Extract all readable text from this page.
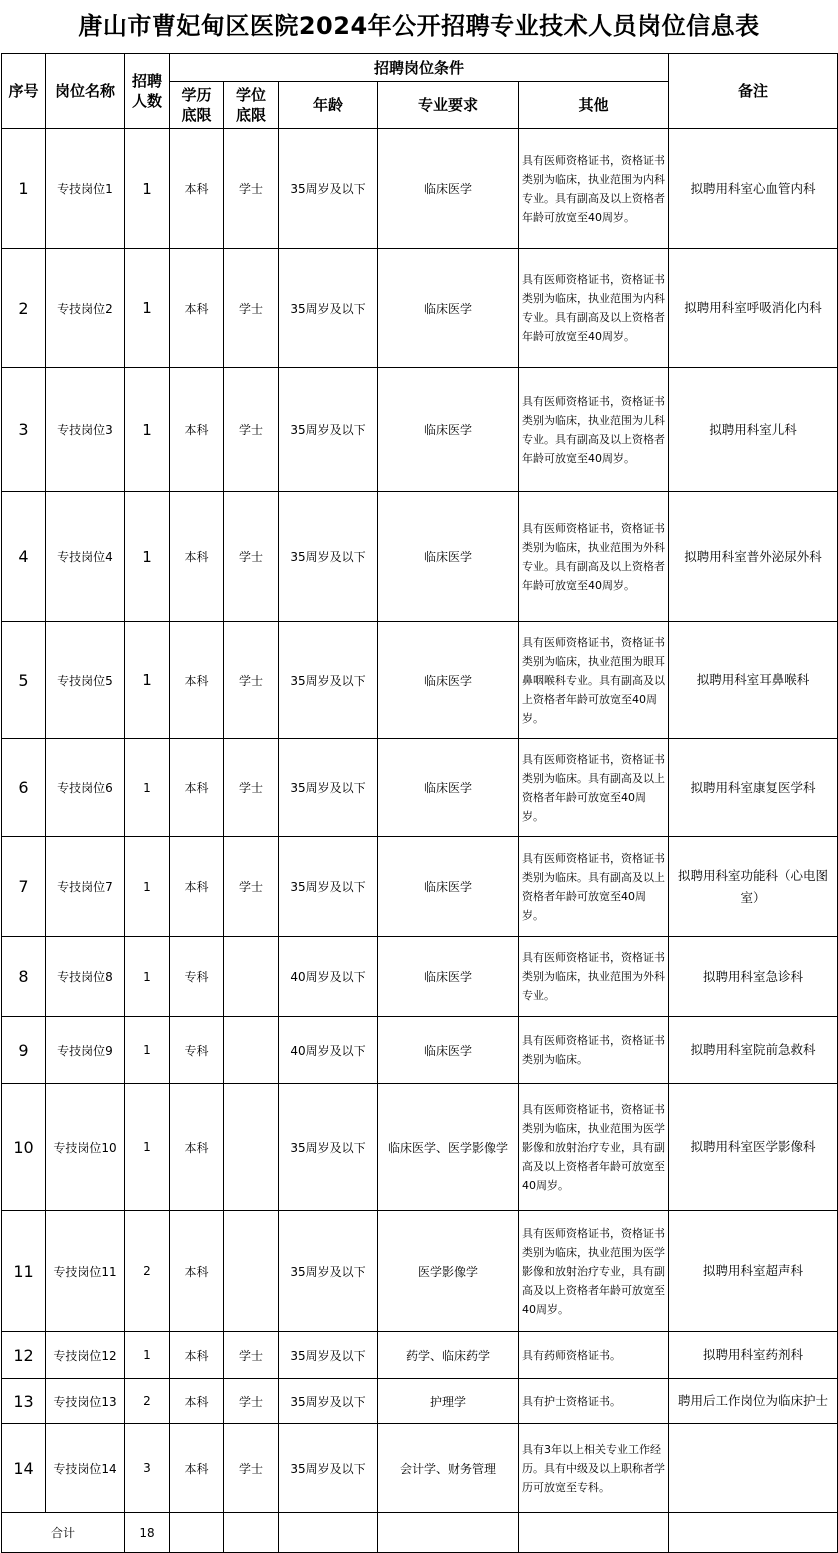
唐山市曹妃甸区医院2024年公开招聘专业技术人员岗位信息表
序号	岗位名称	招聘人数	招聘岗位条件					备注
			学历底限	学位底限	年龄	专业要求	其他	
1	专技岗位1	1	本科	学士	35周岁及以下	临床医学	具有医师资格证书，资格证书类别为临床，执业范围为内科专业。具有副高及以上资格者年龄可放宽至40周岁。	拟聘用科室心血管内科
2	专技岗位2	1	本科	学士	35周岁及以下	临床医学	具有医师资格证书，资格证书类别为临床，执业范围为内科专业。具有副高及以上资格者年龄可放宽至40周岁。	拟聘用科室呼吸消化内科
3	专技岗位3	1	本科	学士	35周岁及以下	临床医学	具有医师资格证书，资格证书类别为临床，执业范围为儿科专业。具有副高及以上资格者年龄可放宽至40周岁。	拟聘用科室儿科
4	专技岗位4	1	本科	学士	35周岁及以下	临床医学	具有医师资格证书，资格证书类别为临床，执业范围为外科专业。具有副高及以上资格者年龄可放宽至40周岁。	拟聘用科室普外泌尿外科
5	专技岗位5	1	本科	学士	35周岁及以下	临床医学	具有医师资格证书，资格证书类别为临床，执业范围为眼耳鼻咽喉科专业。具有副高及以上资格者年龄可放宽至40周岁。	拟聘用科室耳鼻喉科
6	专技岗位6	1	本科	学士	35周岁及以下	临床医学	具有医师资格证书，资格证书类别为临床。具有副高及以上资格者年龄可放宽至40周岁。	拟聘用科室康复医学科
7	专技岗位7	1	本科	学士	35周岁及以下	临床医学	具有医师资格证书，资格证书类别为临床。具有副高及以上资格者年龄可放宽至40周岁。	拟聘用科室功能科（心电图室）
8	专技岗位8	1	专科		40周岁及以下	临床医学	具有医师资格证书，资格证书类别为临床，执业范围为外科专业。	拟聘用科室急诊科
9	专技岗位9	1	专科		40周岁及以下	临床医学	具有医师资格证书，资格证书类别为临床。	拟聘用科室院前急救科
10	专技岗位10	1	本科		35周岁及以下	临床医学、医学影像学	具有医师资格证书，资格证书类别为临床，执业范围为医学影像和放射治疗专业，具有副高及以上资格者年龄可放宽至40周岁。	拟聘用科室医学影像科
11	专技岗位11	2	本科		35周岁及以下	医学影像学	具有医师资格证书，资格证书类别为临床，执业范围为医学影像和放射治疗专业，具有副高及以上资格者年龄可放宽至40周岁。	拟聘用科室超声科
12	专技岗位12	1	本科	学士	35周岁及以下	药学、临床药学	具有药师资格证书。	拟聘用科室药剂科
13	专技岗位13	2	本科	学士	35周岁及以下	护理学	具有护士资格证书。	聘用后工作岗位为临床护士
14	专技岗位14	3	本科	学士	35周岁及以下	会计学、财务管理	具有3年以上相关专业工作经历。具有中级及以上职称者学历可放宽至专科。	
合计		18						
